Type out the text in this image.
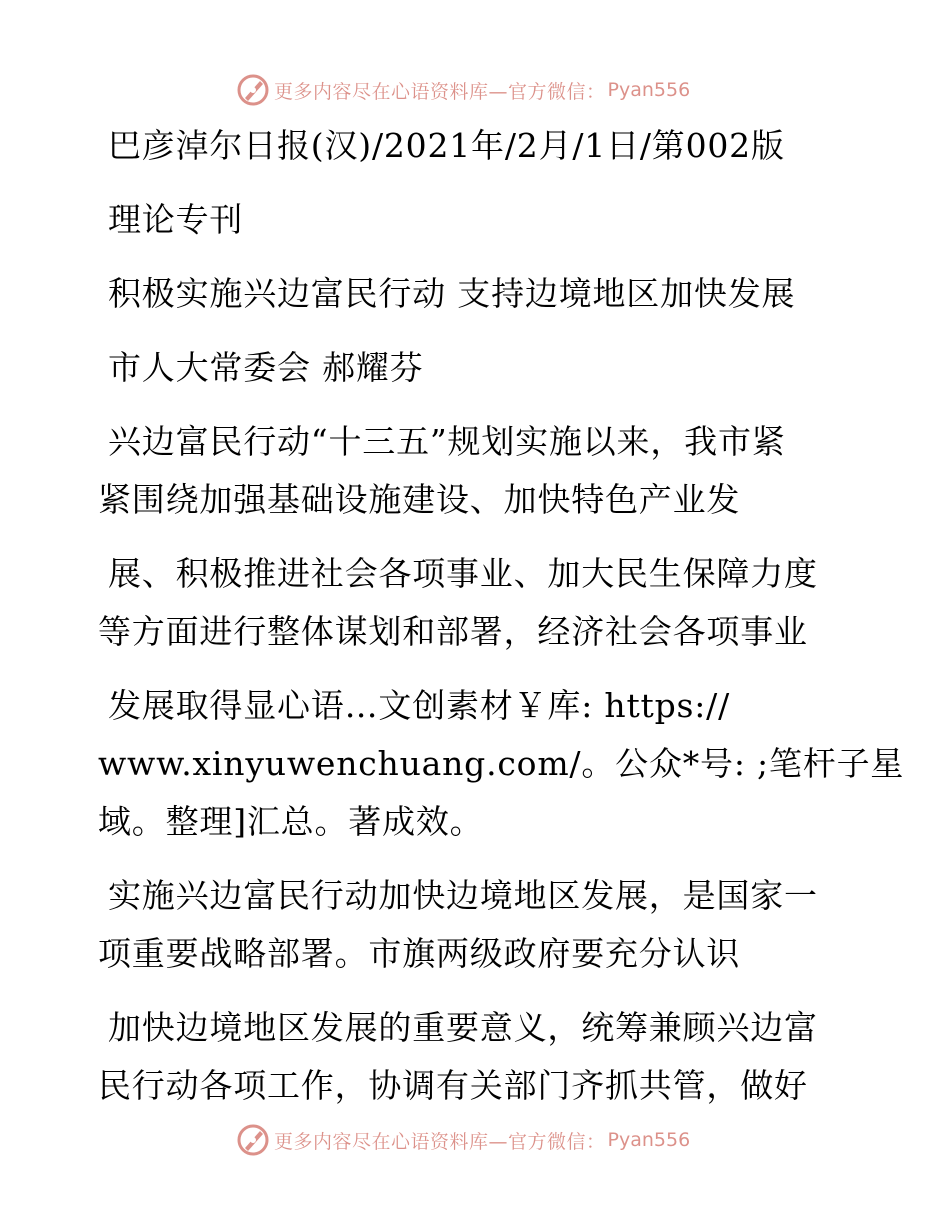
更多内容尽在心语资料库—官方微信： Pyan556
巴彦淖尔日报(汉)/2021年/2月/1日/第002版
理论专刊
积极实施兴边富民行动 支持边境地区加快发展
市人大常委会 郝耀芬
兴边富民行动“十三五”规划实施以来，我市紧
紧围绕加强基础设施建设、加快特色产业发
展、积极推进社会各项事业、加大民生保障力度
等方面进行整体谋划和部署，经济社会各项事业
发展取得显心语…文创素材￥库: https://
www.xinyuwenchuang.com/。公众*号: ;笔杆子星
域。整理]汇总。著成效。
实施兴边富民行动加快边境地区发展，是国家一
项重要战略部署。市旗两级政府要充分认识
加快边境地区发展的重要意义，统筹兼顾兴边富
民行动各项工作，协调有关部门齐抓共管，做好
更多内容尽在心语资料库—官方微信： Pyan556
